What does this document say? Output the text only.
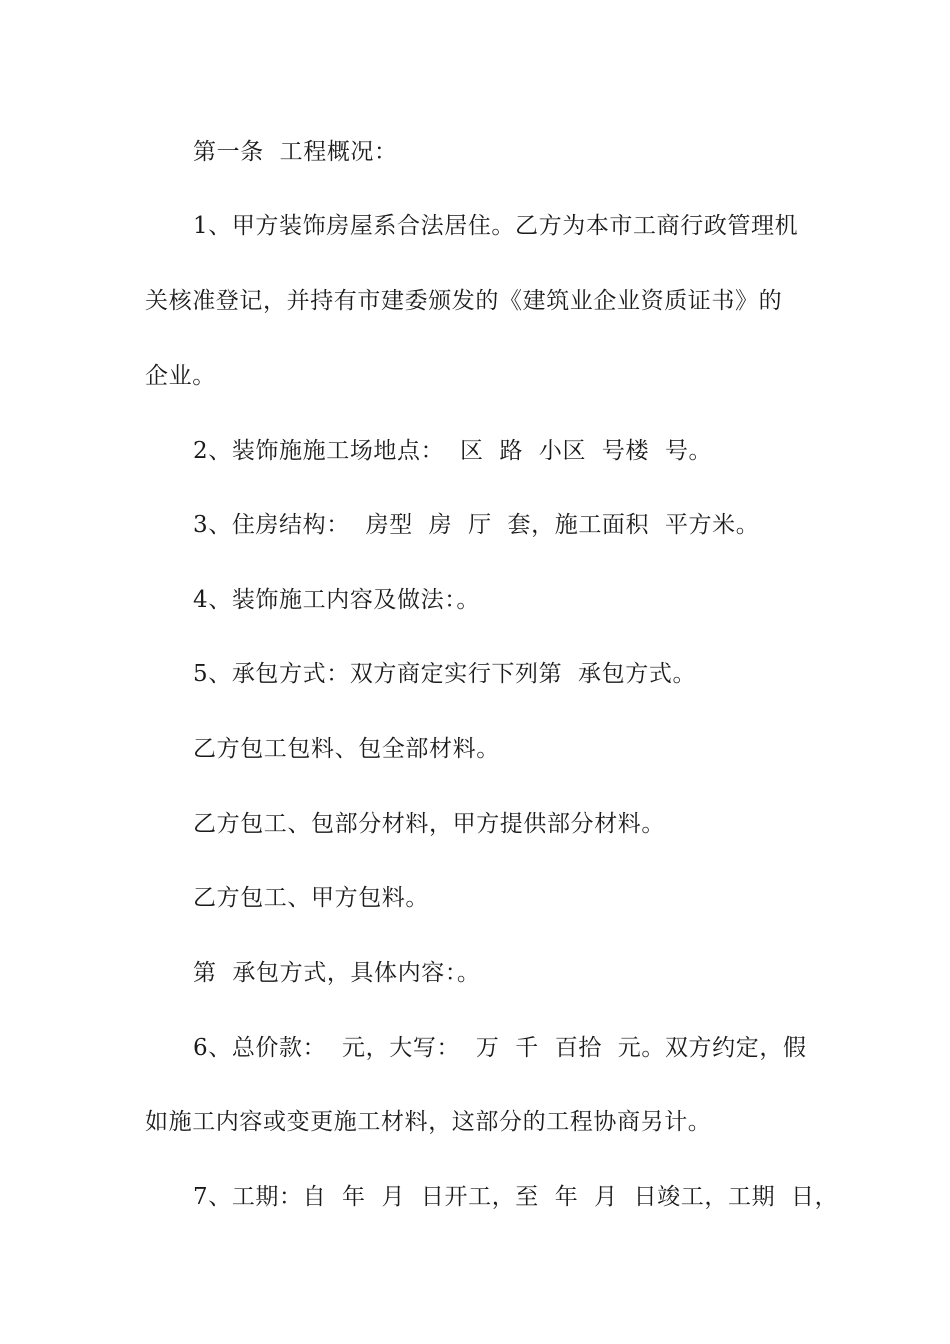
第一条  工程概况：
1、甲方装饰房屋系合法居住。乙方为本市工商行政管理机
关核准登记，并持有市建委颁发的《建筑业企业资质证书》的
企业。
2、装饰施施工场地点：  区  路  小区  号楼  号。
3、住房结构：  房型  房  厅  套，施工面积  平方米。
4、装饰施工内容及做法：。
5、承包方式：双方商定实行下列第  承包方式。
乙方包工包料、包全部材料。
乙方包工、包部分材料，甲方提供部分材料。
乙方包工、甲方包料。
第  承包方式，具体内容：。
6、总价款：  元，大写：  万  千  百拾  元。双方约定，假
如施工内容或变更施工材料，这部分的工程协商另计。
7、工期：自  年  月  日开工，至  年  月  日竣工，工期  日，
